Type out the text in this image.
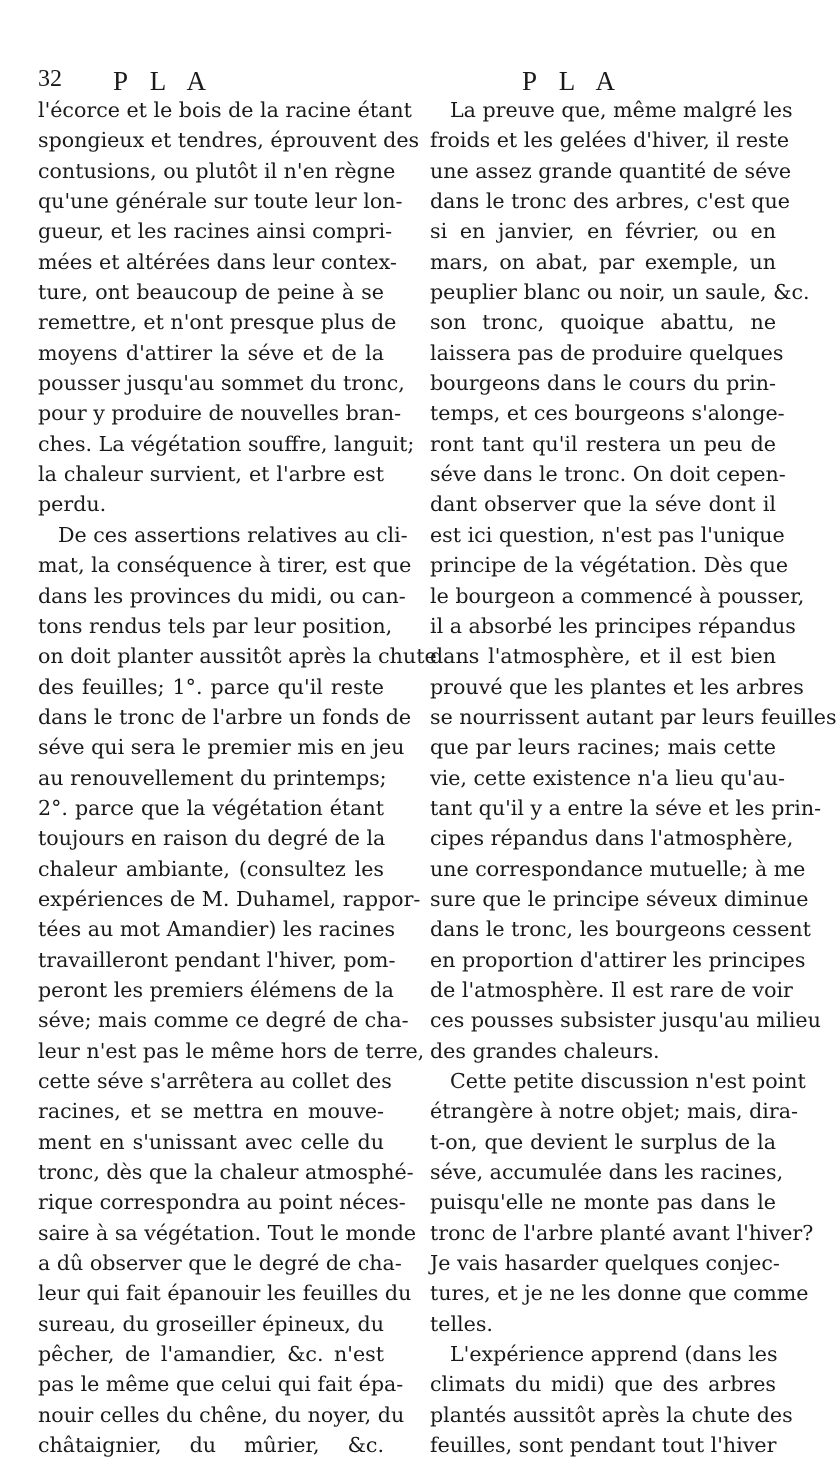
32 P L A	P L A
l'écorce et le bois de la racine étant
spongieux et tendres, éprouvent des
contusions, ou plutôt il n'en règne
qu'une générale sur toute leur lon-
gueur, et les racines ainsi compri-
mées et altérées dans leur contex-
ture, ont beaucoup de peine à se
remettre, et n'ont presque plus de
moyens d'attirer la séve et de la
pousser jusqu'au sommet du tronc,
pour y produire de nouvelles bran-
ches. La végétation souffre, languit;
la chaleur survient, et l'arbre est
perdu.
De ces assertions relatives au cli-
mat, la conséquence à tirer, est que
dans les provinces du midi, ou can-
tons rendus tels par leur position,
on doit planter aussitôt après la chute
des feuilles; 1°. parce qu'il reste
dans le tronc de l'arbre un fonds de
séve qui sera le premier mis en jeu
au renouvellement du printemps;
2°. parce que la végétation étant
toujours en raison du degré de la
chaleur ambiante, (consultez les
expériences de M. Duhamel, rappor-
tées au mot Amandier) les racines
travailleront pendant l'hiver, pom-
peront les premiers élémens de la
séve; mais comme ce degré de cha-
leur n'est pas le même hors de terre,
cette séve s'arrêtera au collet des
racines, et se mettra en mouve-
ment en s'unissant avec celle du
tronc, dès que la chaleur atmosphé-
rique correspondra au point néces-
saire à sa végétation. Tout le monde
a dû observer que le degré de cha-
leur qui fait épanouir les feuilles du
sureau, du groseiller épineux, du
pêcher, de l'amandier, &c. n'est
pas le même que celui qui fait épa-
nouir celles du chêne, du noyer, du
châtaignier, du mûrier, &c.
La preuve que, même malgré les
froids et les gelées d'hiver, il reste
une assez grande quantité de séve
dans le tronc des arbres, c'est que
si en janvier, en février, ou en
mars, on abat, par exemple, un
peuplier blanc ou noir, un saule, &c.
son tronc, quoique abattu, ne
laissera pas de produire quelques
bourgeons dans le cours du prin-
temps, et ces bourgeons s'alonge-
ront tant qu'il restera un peu de
séve dans le tronc. On doit cepen-
dant observer que la séve dont il
est ici question, n'est pas l'unique
principe de la végétation. Dès que
le bourgeon a commencé à pousser,
il a absorbé les principes répandus
dans l'atmosphère, et il est bien
prouvé que les plantes et les arbres
se nourrissent autant par leurs feuilles
que par leurs racines; mais cette
vie, cette existence n'a lieu qu'au-
tant qu'il y a entre la séve et les prin-
cipes répandus dans l'atmosphère,
une correspondance mutuelle; à me
sure que le principe séveux diminue
dans le tronc, les bourgeons cessent
en proportion d'attirer les principes
de l'atmosphère. Il est rare de voir
ces pousses subsister jusqu'au milieu
des grandes chaleurs.
Cette petite discussion n'est point
étrangère à notre objet; mais, dira-
t-on, que devient le surplus de la
séve, accumulée dans les racines,
puisqu'elle ne monte pas dans le
tronc de l'arbre planté avant l'hiver?
Je vais hasarder quelques conjec-
tures, et je ne les donne que comme
telles.
L'expérience apprend (dans les
climats du midi) que des arbres
plantés aussitôt après la chute des
feuilles, sont pendant tout l'hiver
